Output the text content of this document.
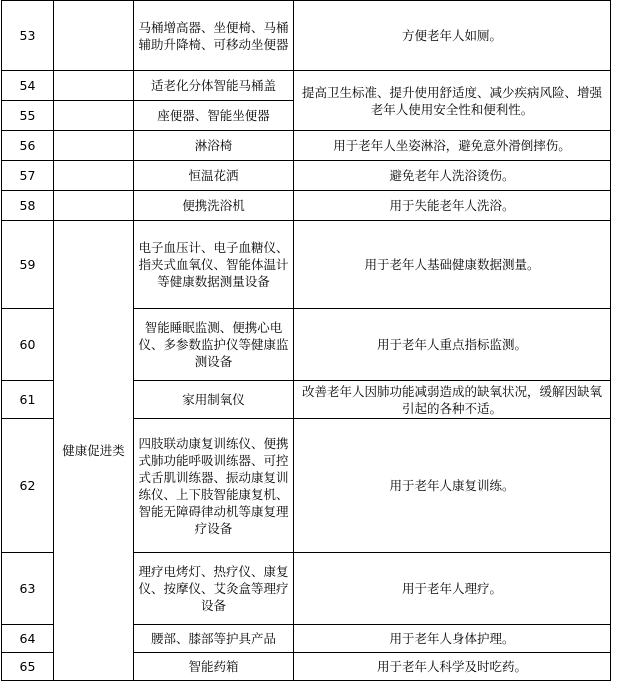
53		马桶增高器、坐便椅、马桶辅助升降椅、可移动坐便器	方便老年人如厕。
54		适老化分体智能马桶盖	提高卫生标准、提升使用舒适度、减少疾病风险、增强老年人使用安全性和便利性。
55		座便器、智能坐便器	
56		淋浴椅	用于老年人坐姿淋浴，避免意外滑倒摔伤。
57		恒温花洒	避免老年人洗浴烫伤。
58		便携洗浴机	用于失能老年人洗浴。
59	健康促进类	电子血压计、电子血糖仪、指夹式血氧仪、智能体温计等健康数据测量设备	用于老年人基础健康数据测量。
60		智能睡眠监测、便携心电仪、多参数监护仪等健康监测设备	用于老年人重点指标监测。
61		家用制氧仪	改善老年人因肺功能减弱造成的缺氧状况，缓解因缺氧引起的各种不适。
62		四肢联动康复训练仪、便携式肺功能呼吸训练器、可控式舌肌训练器、振动康复训练仪、上下肢智能康复机、智能无障碍律动机等康复理疗设备	用于老年人康复训练。
63		理疗电烤灯、热疗仪、康复仪、按摩仪、艾灸盒等理疗设备	用于老年人理疗。
64		腰部、膝部等护具产品	用于老年人身体护理。
65		智能药箱	用于老年人科学及时吃药。
